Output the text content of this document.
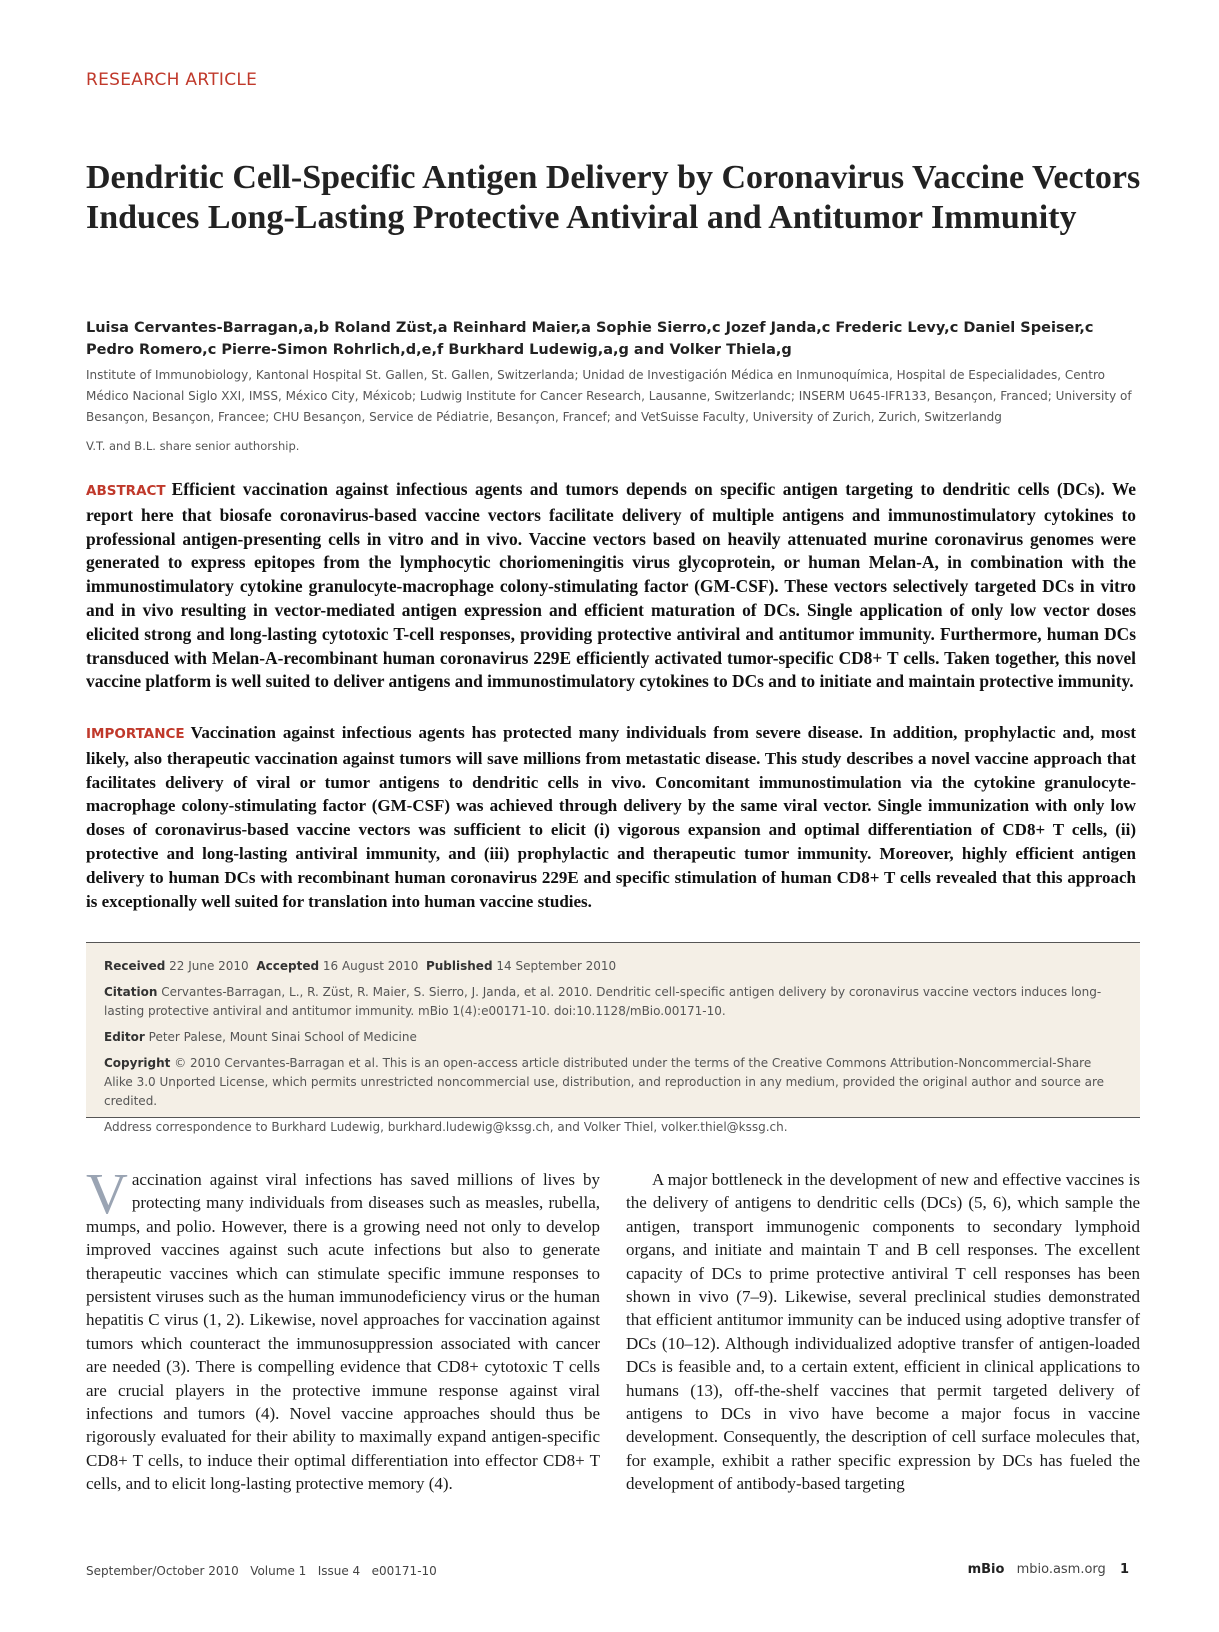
RESEARCH ARTICLE
Dendritic Cell-Specific Antigen Delivery by Coronavirus Vaccine Vectors Induces Long-Lasting Protective Antiviral and Antitumor Immunity
Luisa Cervantes-Barragan,a,b Roland Züst,a Reinhard Maier,a Sophie Sierro,c Jozef Janda,c Frederic Levy,c Daniel Speiser,c Pedro Romero,c Pierre-Simon Rohrlich,d,e,f Burkhard Ludewig,a,g and Volker Thiela,g
Institute of Immunobiology, Kantonal Hospital St. Gallen, St. Gallen, Switzerlanda; Unidad de Investigación Médica en Inmunoquímica, Hospital de Especialidades, Centro Médico Nacional Siglo XXI, IMSS, México City, Méxicob; Ludwig Institute for Cancer Research, Lausanne, Switzerlandc; INSERM U645-IFR133, Besançon, Franced; University of Besançon, Besançon, Francee; CHU Besançon, Service de Pédiatrie, Besançon, Francef; and VetSuisse Faculty, University of Zurich, Zurich, Switzerlandg
V.T. and B.L. share senior authorship.

ABSTRACT Efficient vaccination against infectious agents and tumors depends on specific antigen targeting to dendritic cells (DCs). We report here that biosafe coronavirus-based vaccine vectors facilitate delivery of multiple antigens and immunostimulatory cytokines to professional antigen-presenting cells in vitro and in vivo. Vaccine vectors based on heavily attenuated murine coronavirus genomes were generated to express epitopes from the lymphocytic choriomeningitis virus glycoprotein, or human Melan-A, in combination with the immunostimulatory cytokine granulocyte-macrophage colony-stimulating factor (GM-CSF). These vectors selectively targeted DCs in vitro and in vivo resulting in vector-mediated antigen expression and efficient maturation of DCs. Single application of only low vector doses elicited strong and long-lasting cytotoxic T-cell responses, providing protective antiviral and antitumor immunity. Furthermore, human DCs transduced with Melan-A-recombinant human coronavirus 229E efficiently activated tumor-specific CD8+ T cells. Taken together, this novel vaccine platform is well suited to deliver antigens and immunostimulatory cytokines to DCs and to initiate and maintain protective immunity.

IMPORTANCE Vaccination against infectious agents has protected many individuals from severe disease. In addition, prophylactic and, most likely, also therapeutic vaccination against tumors will save millions from metastatic disease. This study describes a novel vaccine approach that facilitates delivery of viral or tumor antigens to dendritic cells in vivo. Concomitant immunostimulation via the cytokine granulocyte-macrophage colony-stimulating factor (GM-CSF) was achieved through delivery by the same viral vector. Single immunization with only low doses of coronavirus-based vaccine vectors was sufficient to elicit (i) vigorous expansion and optimal differentiation of CD8+ T cells, (ii) protective and long-lasting antiviral immunity, and (iii) prophylactic and therapeutic tumor immunity. Moreover, highly efficient antigen delivery to human DCs with recombinant human coronavirus 229E and specific stimulation of human CD8+ T cells revealed that this approach is exceptionally well suited for translation into human vaccine studies.

Received 22 June 2010 Accepted 16 August 2010 Published 14 September 2010

Citation Cervantes-Barragan, L., R. Züst, R. Maier, S. Sierro, J. Janda, et al. 2010. Dendritic cell-specific antigen delivery by coronavirus vaccine vectors induces long-lasting protective antiviral and antitumor immunity. mBio 1(4):e00171-10. doi:10.1128/mBio.00171-10.

Editor Peter Palese, Mount Sinai School of Medicine

Copyright © 2010 Cervantes-Barragan et al. This is an open-access article distributed under the terms of the Creative Commons Attribution-Noncommercial-Share Alike 3.0 Unported License, which permits unrestricted noncommercial use, distribution, and reproduction in any medium, provided the original author and source are credited.

Address correspondence to Burkhard Ludewig, burkhard.ludewig@kssg.ch, and Volker Thiel, volker.thiel@kssg.ch.

Vaccination against viral infections has saved millions of lives by protecting many individuals from diseases such as measles, rubella, mumps, and polio. However, there is a growing need not only to develop improved vaccines against such acute infections but also to generate therapeutic vaccines which can stimulate specific immune responses to persistent viruses such as the human immunodeficiency virus or the human hepatitis C virus (1, 2). Likewise, novel approaches for vaccination against tumors which counteract the immunosuppression associated with cancer are needed (3). There is compelling evidence that CD8+ cytotoxic T cells are crucial players in the protective immune response against viral infections and tumors (4). Novel vaccine approaches should thus be rigorously evaluated for their ability to maximally expand antigen-specific CD8+ T cells, to induce their optimal differentiation into effector CD8+ T cells, and to elicit long-lasting protective memory (4).

A major bottleneck in the development of new and effective vaccines is the delivery of antigens to dendritic cells (DCs) (5, 6), which sample the antigen, transport immunogenic components to secondary lymphoid organs, and initiate and maintain T and B cell responses. The excellent capacity of DCs to prime protective antiviral T cell responses has been shown in vivo (7–9). Likewise, several preclinical studies demonstrated that efficient antitumor immunity can be induced using adoptive transfer of DCs (10–12). Although individualized adoptive transfer of antigen-loaded DCs is feasible and, to a certain extent, efficient in clinical applications to humans (13), off-the-shelf vaccines that permit targeted delivery of antigens to DCs in vivo have become a major focus in vaccine development. Consequently, the description of cell surface molecules that, for example, exhibit a rather specific expression by DCs has fueled the development of antibody-based targeting

September/October 2010   Volume 1   Issue 4   e00171-10	mBio mbio.asm.org 1
